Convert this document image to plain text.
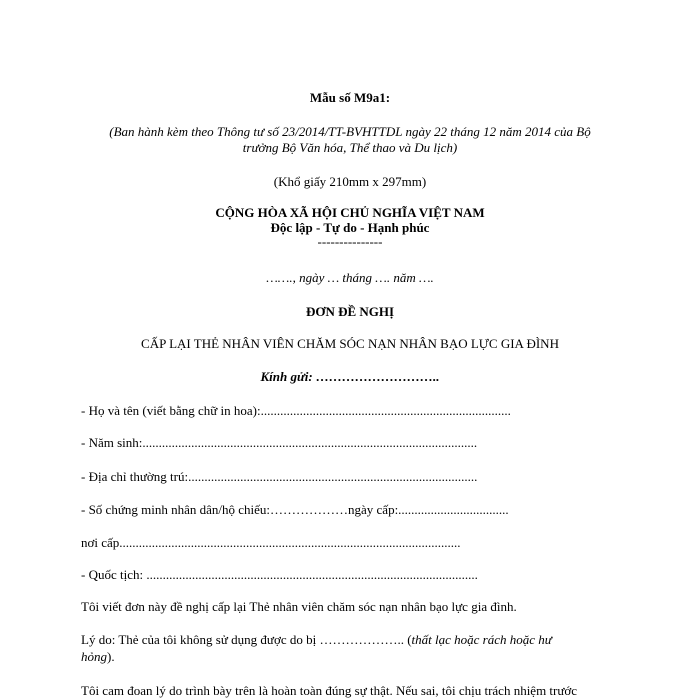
Mẫu số M9a1:
(Ban hành kèm theo Thông tư số 23/2014/TT-BVHTTDL ngày 22 tháng 12 năm 2014 của Bộ
trưởng Bộ Văn hóa, Thể thao và Du lịch)
(Khổ giấy 210mm x 297mm)
CỘNG HÒA XÃ HỘI CHỦ NGHĨA VIỆT NAM
Độc lập - Tự do - Hạnh phúc
---------------
……., ngày … tháng …. năm ….
ĐƠN ĐỀ NGHỊ
CẤP LẠI THẺ NHÂN VIÊN CHĂM SÓC NẠN NHÂN BẠO LỰC GIA ĐÌNH
Kính gửi: ………………………..
- Họ và tên (viết bằng chữ in hoa):.............................................................................
- Năm sinh:.......................................................................................................
- Địa chỉ thường trú:.........................................................................................
- Số chứng minh nhân dân/hộ chiếu:………………ngày cấp:..................................
nơi cấp.........................................................................................................
- Quốc tịch: ......................................................................................................
Tôi viết đơn này đề nghị cấp lại Thẻ nhân viên chăm sóc nạn nhân bạo lực gia đình.
Lý do: Thẻ của tôi không sử dụng được do bị ……………….. (thất lạc hoặc rách hoặc hư
hỏng).
Tôi cam đoan lý do trình bày trên là hoàn toàn đúng sự thật. Nếu sai, tôi chịu trách nhiệm trước
